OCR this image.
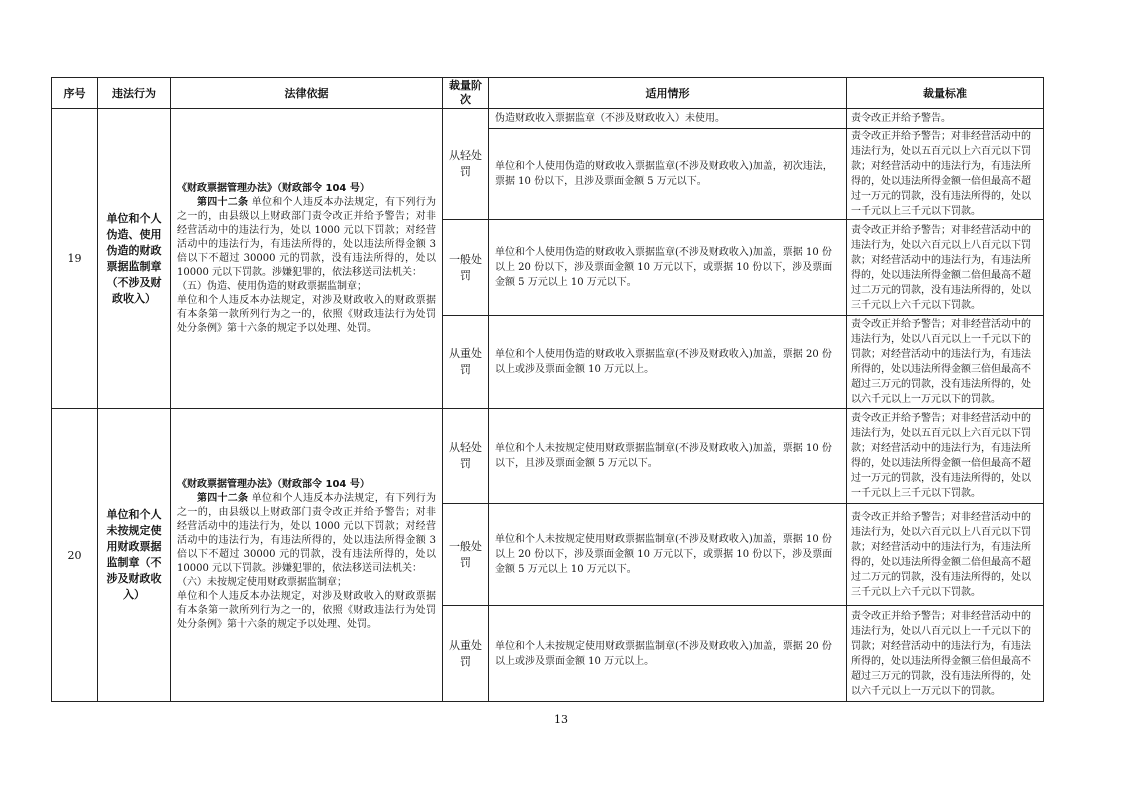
序号	违法行为	法律依据	裁量阶次	适用情形	裁量标准
19	单位和个人伪造、使用伪造的财政票据监制章（不涉及财政收入）	《财政票据管理办法》（财政部令 104 号）

第四十二条 单位和个人违反本办法规定，有下列行为之一的，由县级以上财政部门责令改正并给予警告；对非经营活动中的违法行为，处以 1000 元以下罚款；对经营活动中的违法行为，有违法所得的，处以违法所得金额 3 倍以下不超过 30000 元的罚款，没有违法所得的，处以 10000 元以下罚款。涉嫌犯罪的，依法移送司法机关：

（五）伪造、使用伪造的财政票据监制章；

单位和个人违反本办法规定，对涉及财政收入的财政票据有本条第一款所列行为之一的，依照《财政违法行为处罚处分条例》第十六条的规定予以处理、处罚。	从轻处罚	伪造财政收入票据监章（不涉及财政收入）未使用。	责令改正并给予警告。
				单位和个人使用伪造的财政收入票据监章(不涉及财政收入)加盖，初次违法，票据 10 份以下，且涉及票面金额 5 万元以下。	责令改正并给予警告；对非经营活动中的违法行为，处以五百元以上六百元以下罚款；对经营活动中的违法行为，有违法所得的，处以违法所得金额一倍但最高不超过一万元的罚款，没有违法所得的，处以一千元以上三千元以下罚款。
			一般处罚	单位和个人使用伪造的财政收入票据监章(不涉及财政收入)加盖，票据 10 份以上 20 份以下，涉及票面金额 10 万元以下，或票据 10 份以下，涉及票面金额 5 万元以上 10 万元以下。	责令改正并给予警告；对非经营活动中的违法行为，处以六百元以上八百元以下罚款；对经营活动中的违法行为，有违法所得的，处以违法所得金额二倍但最高不超过二万元的罚款，没有违法所得的，处以三千元以上六千元以下罚款。
			从重处罚	单位和个人使用伪造的财政收入票据监章(不涉及财政收入)加盖，票据 20 份以上或涉及票面金额 10 万元以上。	责令改正并给予警告；对非经营活动中的违法行为，处以八百元以上一千元以下的罚款；对经营活动中的违法行为，有违法所得的，处以违法所得金额三倍但最高不超过三万元的罚款，没有违法所得的，处以六千元以上一万元以下的罚款。
20	单位和个人未按规定使用财政票据监制章（不涉及财政收入）	《财政票据管理办法》（财政部令 104 号）

第四十二条 单位和个人违反本办法规定，有下列行为之一的，由县级以上财政部门责令改正并给予警告；对非经营活动中的违法行为，处以 1000 元以下罚款；对经营活动中的违法行为，有违法所得的，处以违法所得金额 3 倍以下不超过 30000 元的罚款，没有违法所得的，处以 10000 元以下罚款。涉嫌犯罪的，依法移送司法机关：

（六）未按规定使用财政票据监制章；

单位和个人违反本办法规定，对涉及财政收入的财政票据有本条第一款所列行为之一的，依照《财政违法行为处罚处分条例》第十六条的规定予以处理、处罚。	从轻处罚	单位和个人未按规定使用财政票据监制章(不涉及财政收入)加盖，票据 10 份以下，且涉及票面金额 5 万元以下。	责令改正并给予警告；对非经营活动中的违法行为，处以五百元以上六百元以下罚款；对经营活动中的违法行为，有违法所得的，处以违法所得金额一倍但最高不超过一万元的罚款，没有违法所得的，处以一千元以上三千元以下罚款。
			一般处罚	单位和个人未按规定使用财政票据监制章(不涉及财政收入)加盖，票据 10 份以上 20 份以下，涉及票面金额 10 万元以下，或票据 10 份以下，涉及票面金额 5 万元以上 10 万元以下。	责令改正并给予警告；对非经营活动中的违法行为，处以六百元以上八百元以下罚款；对经营活动中的违法行为，有违法所得的，处以违法所得金额二倍但最高不超过二万元的罚款，没有违法所得的，处以三千元以上六千元以下罚款。
			从重处罚	单位和个人未按规定使用财政票据监制章(不涉及财政收入)加盖，票据 20 份以上或涉及票面金额 10 万元以上。	责令改正并给予警告；对非经营活动中的违法行为，处以八百元以上一千元以下的罚款；对经营活动中的违法行为，有违法所得的，处以违法所得金额三倍但最高不超过三万元的罚款，没有违法所得的，处以六千元以上一万元以下的罚款。
13
